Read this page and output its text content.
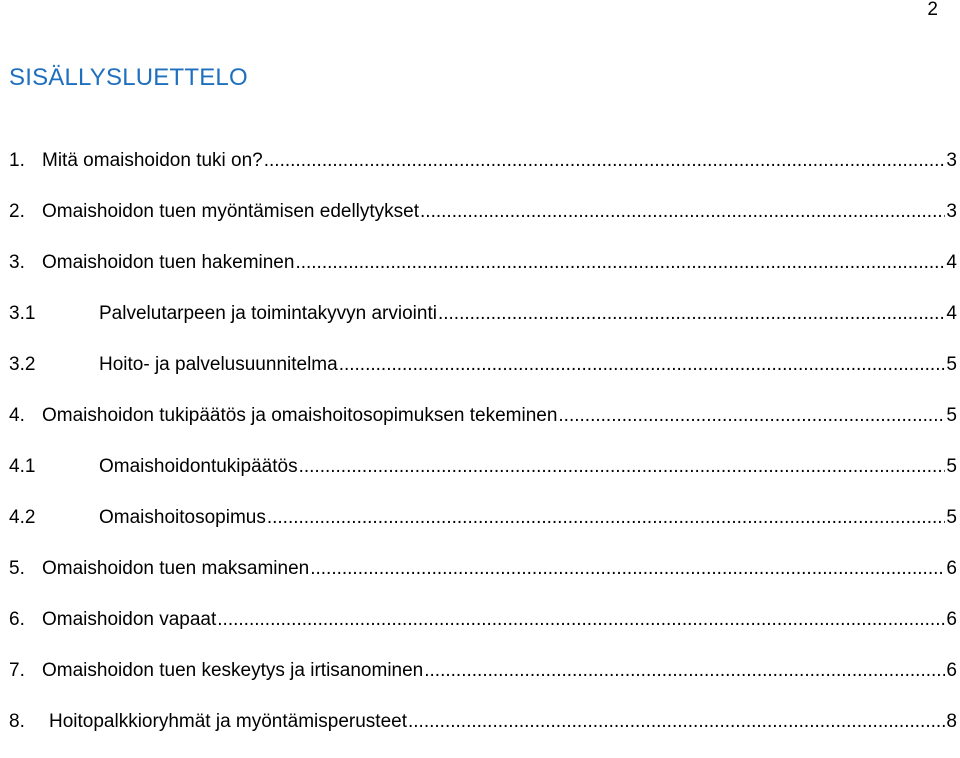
2
SISÄLLYSLUETTELO
1. Mitä omaishoidon tuki on? .....	3
2. Omaishoidon tuen myöntämisen edellytykset .....	3
3. Omaishoidon tuen hakeminen .....	4
3.1	Palvelutarpeen ja toimintakyvyn arviointi .....	4
3.2	Hoito- ja palvelusuunnitelma .....	5
4. Omaishoidon tukipäätös ja omaishoitosopimuksen tekeminen .....	5
4.1	Omaishoidontukipäätös .....	5
4.2	Omaishoitosopimus .....	5
5. Omaishoidon tuen maksaminen .....	6
6. Omaishoidon vapaat .....	6
7. Omaishoidon tuen keskeytys ja irtisanominen .....	6
8.	Hoitopalkkioryhmät ja myöntämisperusteet .....	8
